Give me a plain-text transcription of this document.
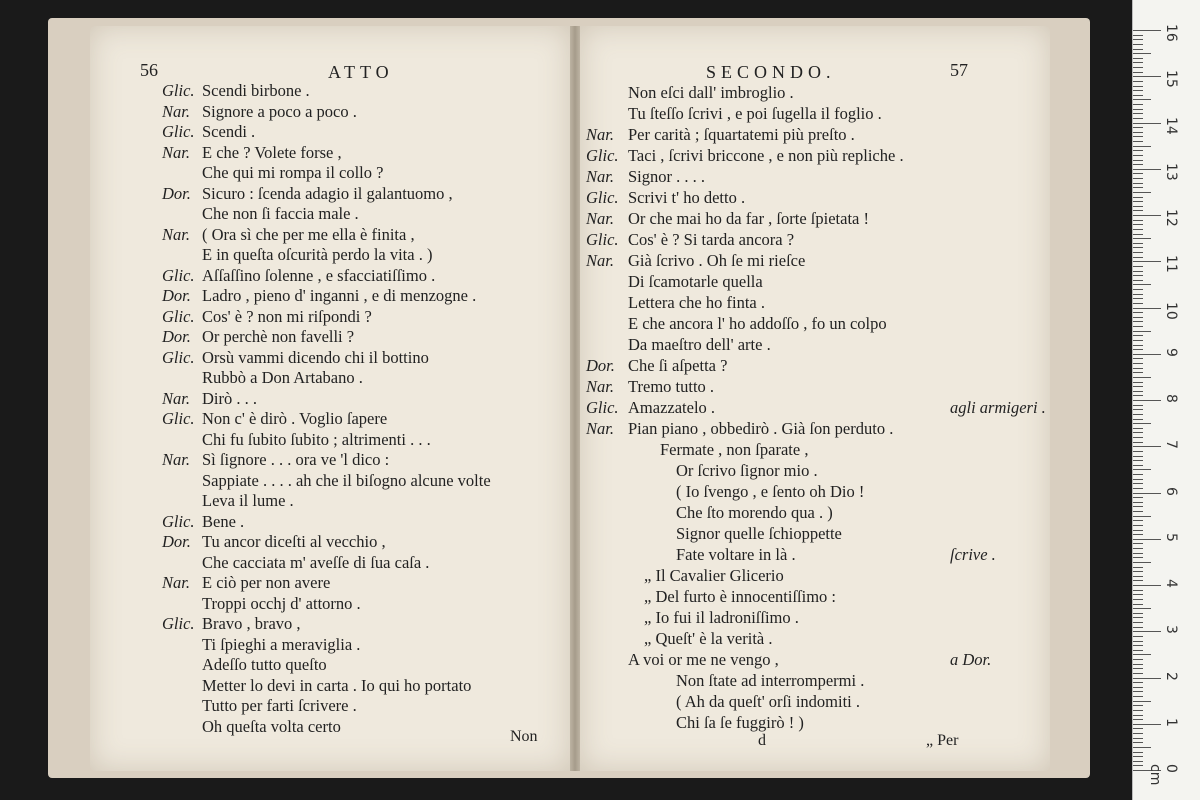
56	ATTO
Non
Glic. Scendi birbone .
Nar. Signore a poco a poco .
Glic. Scendi .
Nar. E che ? Volete forse ,
Che qui mi rompa il collo ?
Dor. Sicuro : ſcenda adagio il galantuomo ,
Che non ſi faccia male .
Nar. ( Ora sì che per me ella è finita ,
E in queſta oſcurità perdo la vita . )
Glic. Aſſaſſino ſolenne , e sfacciatiſſimo .
Dor. Ladro , pieno d' inganni , e di menzogne .
Glic. Cos' è ? non mi riſpondi ?
Dor. Or perchè non favelli ?
Glic. Orsù vammi dicendo chi il bottino
Rubbò a Don Artabano .
Nar. Dirò . . .
Glic. Non c' è dirò . Voglio ſapere
Chi fu ſubito ſubito ; altrimenti . . .
Nar. Sì ſignore . . . ora ve 'l dico :
Sappiate . . . . ah che il biſogno alcune volte
Leva il lume .
Glic. Bene .
Dor. Tu ancor diceſti al vecchio ,
Che cacciata m' aveſſe di ſua caſa .
Nar. E ciò per non avere
Troppi occhj d' attorno .
Glic. Bravo , bravo ,
Ti ſpieghi a meraviglia .
Adeſſo tutto queſto
Metter lo devi in carta . Io qui ho portato
Tutto per farti ſcrivere .
Oh queſta volta certo
SECONDO.	57
d	„ Per
Non eſci dall' imbroglio .
Tu ſteſſo ſcrivi , e poi ſugella il foglio .
Nar. Per carità ; ſquartatemi più preſto .
Glic. Taci , ſcrivi briccone , e non più repliche .
Nar. Signor . . . .
Glic. Scrivi t' ho detto .
Nar. Or che mai ho da far , ſorte ſpietata !
Glic. Cos' è ? Si tarda ancora ?
Nar. Già ſcrivo . Oh ſe mi rieſce
Di ſcamotarle quella
Lettera che ho finta .
E che ancora l' ho addoſſo , fo un colpo
Da maeſtro dell' arte .
Dor. Che ſi aſpetta ?
Nar. Tremo tutto .
Glic. Amazzatelo .	agli armigeri .
Nar. Pian piano , obbedirò . Già ſon perduto .
Fermate , non ſparate ,
Or ſcrivo ſignor mio .
( Io ſvengo , e ſento oh Dio !
Che ſto morendo qua . )
Signor quelle ſchioppette
Fate voltare in là .	ſcrive .
„ Il Cavalier Glicerio
„ Del furto è innocentiſſimo :
„ Io fui il ladroniſſimo .
„ Queſt' è la verità .
A voi or me ne vengo ,	a Dor.
Non ſtate ad interrompermi .
( Ah da queſt' orſi indomiti .
Chi ſa ſe fuggirò ! )
16
15
14
13
12
11
10
9
8
7
6
5
4
3
2
1
0 cm
